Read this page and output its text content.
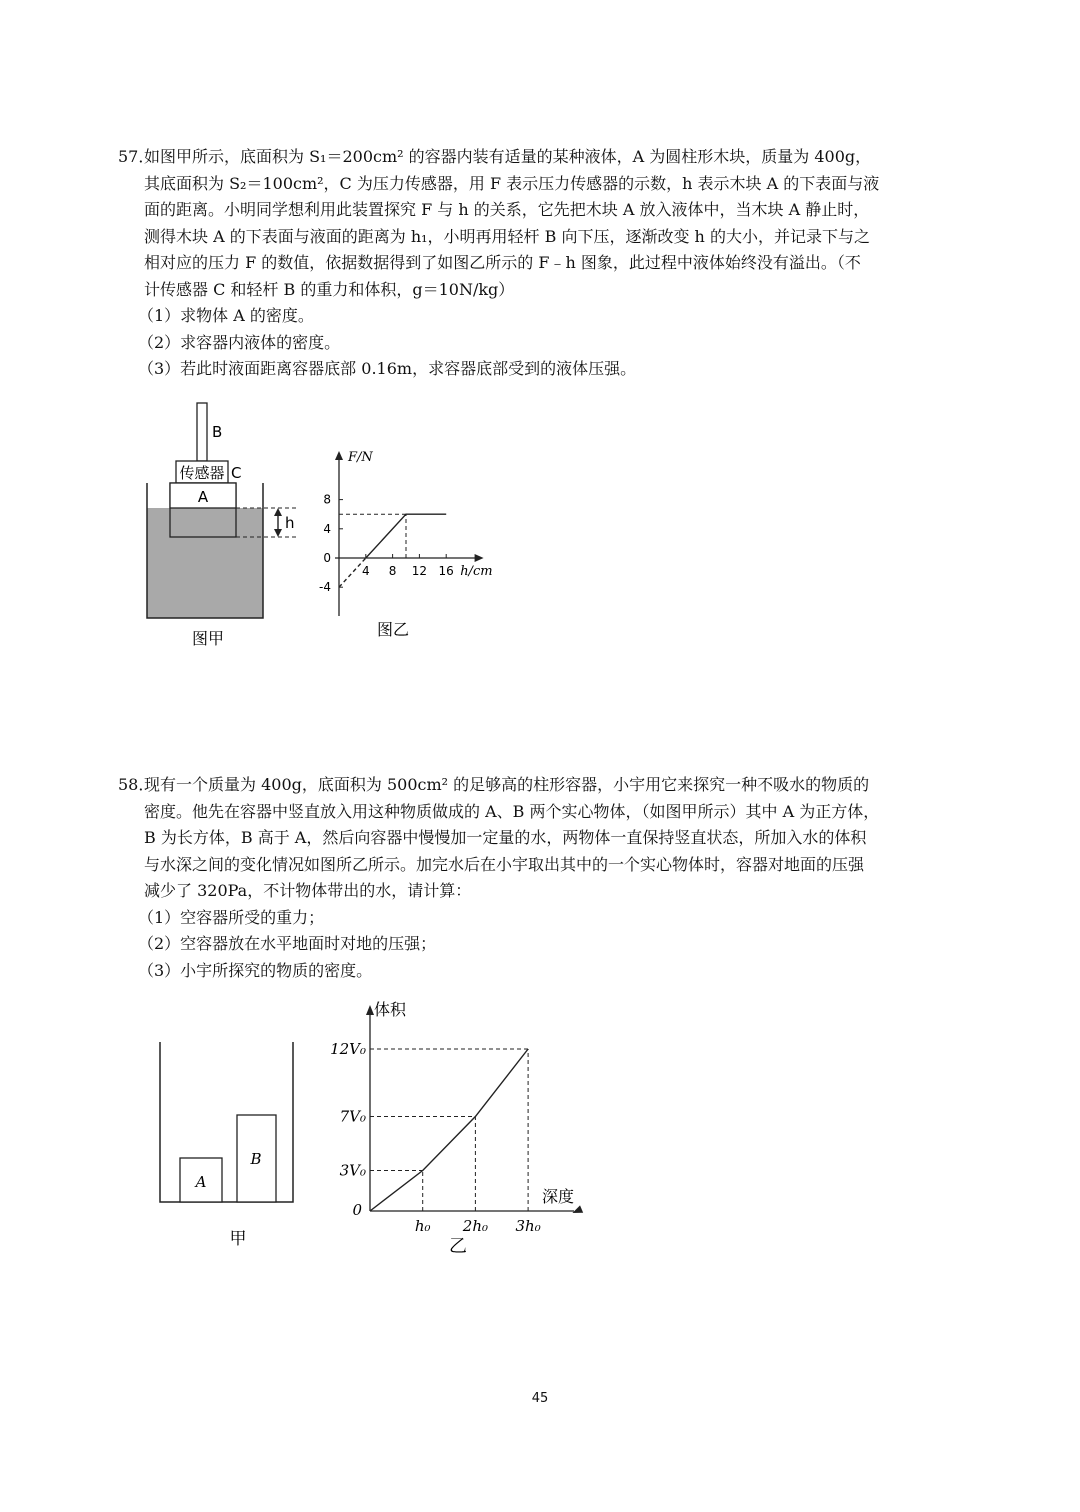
57．如图甲所示，底面积为 S₁＝200cm² 的容器内装有适量的某种液体，A 为圆柱形木块，质量为 400g，

其底面积为 S₂＝100cm²，C 为压力传感器，用 F 表示压力传感器的示数，h 表示木块 A 的下表面与液

面的距离。小明同学想利用此装置探究 F 与 h 的关系，它先把木块 A 放入液体中，当木块 A 静止时，

测得木块 A 的下表面与液面的距离为 h₁，小明再用轻杆 B 向下压，逐渐改变 h 的大小，并记录下与之

相对应的压力 F 的数值，依据数据得到了如图乙所示的 F﹣h 图象，此过程中液体始终没有溢出。（不

计传感器 C 和轻杆 B 的重力和体积，g＝10N/kg）

（1）求物体 A 的密度。

（2）求容器内液体的密度。

（3）若此时液面距离容器底部 0.16m，求容器底部受到的液体压强。

B
传感器 C
A
h
图甲
F/N
h/cm
4 8 12 16
8
4
0
-4
图乙

58．现有一个质量为 400g，底面积为 500cm² 的足够高的柱形容器，小宇用它来探究一种不吸水的物质的

密度。他先在容器中竖直放入用这种物质做成的 A、B 两个实心物体，（如图甲所示）其中 A 为正方体，

B 为长方体，B 高于 A，然后向容器中慢慢加一定量的水，两物体一直保持竖直状态，所加入水的体积

与水深之间的变化情况如图所乙所示。加完水后在小宇取出其中的一个实心物体时，容器对地面的压强

减少了 320Pa，不计物体带出的水，请计算：

（1）空容器所受的重力；

（2）空容器放在水平地面时对地的压强；

（3）小宇所探究的物质的密度。

A
B
甲
体积
深度
0
3V₀
7V₀
12V₀
h₀ 2h₀ 3h₀
乙
45
